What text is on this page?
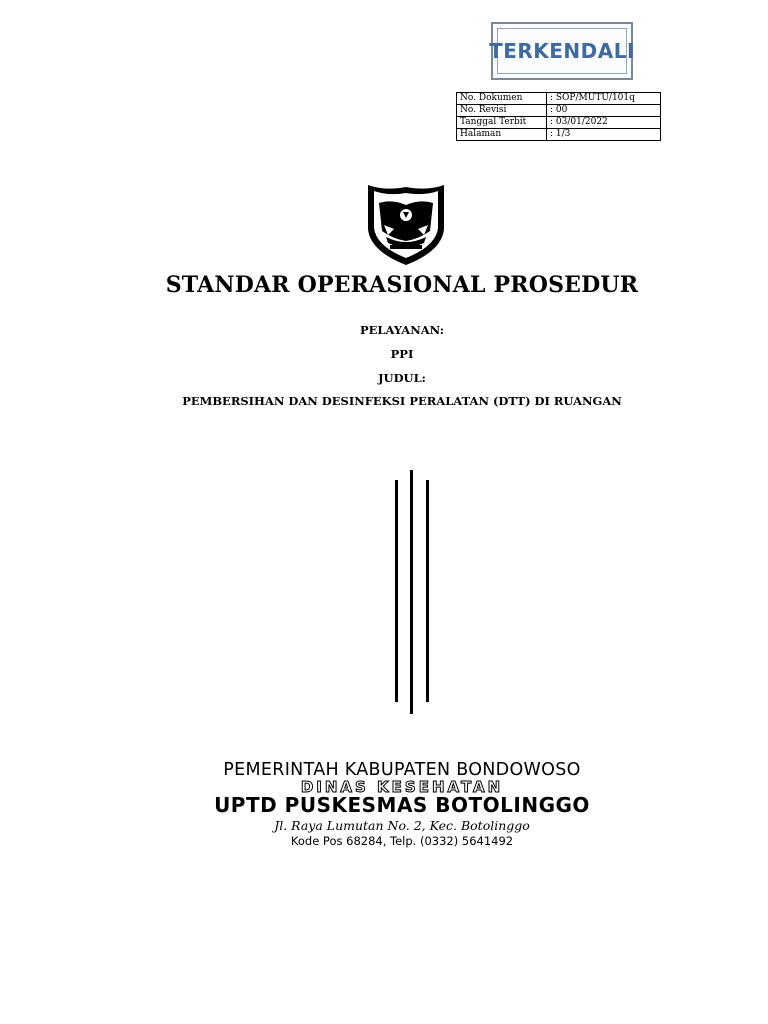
TERKENDALI
No. Dokumen	: SOP/MUTU/101q
No. Revisi	: 00
Tanggal Terbit	: 03/01/2022
Halaman	: 1/3
STANDAR OPERASIONAL PROSEDUR
PELAYANAN:
PPI
JUDUL:
PEMBERSIHAN DAN DESINFEKSI PERALATAN (DTT) DI RUANGAN
PEMERINTAH KABUPATEN BONDOWOSO
DINAS KESEHATAN
UPTD PUSKESMAS BOTOLINGGO
Jl. Raya Lumutan No. 2, Kec. Botolinggo
Kode Pos 68284, Telp. (0332) 5641492
